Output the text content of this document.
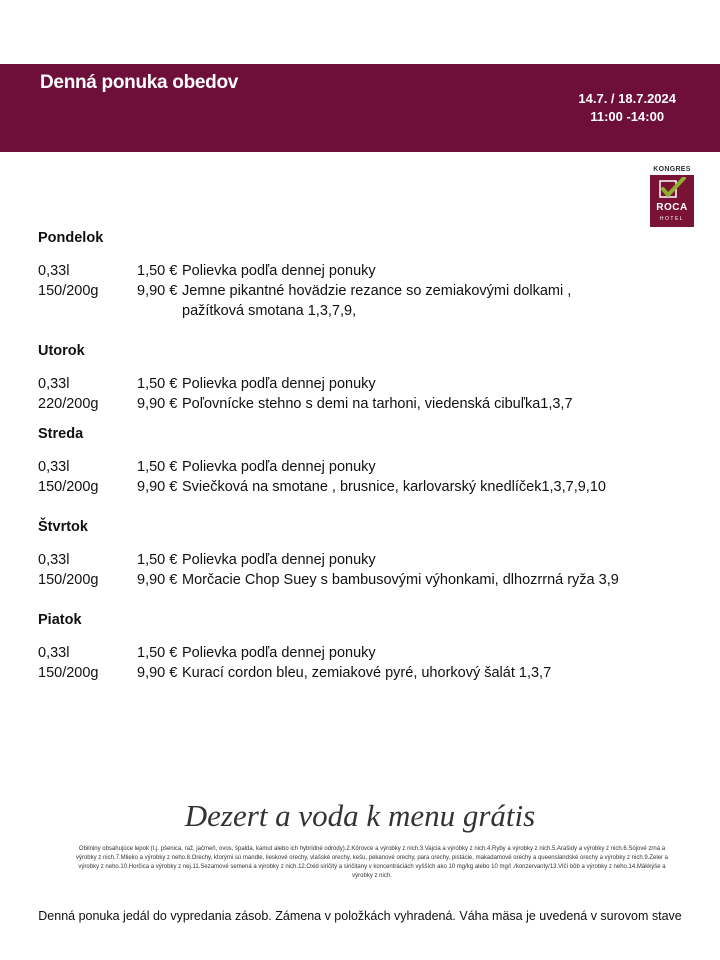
Denná ponuka obedov
14.7. / 18.7.2024
11:00 -14:00
KONGRES
ROCA
HOTEL
Pondelok
0,33l	1,50 € Polievka podľa dennej ponuky
150/200g	9,90 € Jemne pikantné hovädzie rezance so zemiakovými dolkami ,
pažítková smotana 1,3,7,9,
Utorok
0,33l	1,50 € Polievka podľa dennej ponuky
220/200g	9,90 € Poľovnícke stehno s demi na tarhoni, viedenská cibuľka1,3,7
Streda
0,33l	1,50 € Polievka podľa dennej ponuky
150/200g	9,90 € Sviečková na smotane , brusnice, karlovarský knedlíček1,3,7,9,10
Štvrtok
0,33l	1,50 € Polievka podľa dennej ponuky
150/200g	9,90 € Morčacie Chop Suey s bambusovými výhonkami, dlhozrrná ryža 3,9
Piatok
0,33l	1,50 € Polievka podľa dennej ponuky
150/200g	9,90 € Kurací cordon bleu, zemiakové pyré, uhorkový šalát 1,3,7
Dezert a voda k menu grátis
Obilniny obsahujúce lepok (t.j. pšenica, raž, jačmeň, ovos, špalda, kamut alebo ich hybridné odrody).2.Kôrovce a výrobky z nich.3.Vajcia a výrobky z nich.4.Ryby a výrobky z nich.5.Arašidy a výrobky z nich.6.Sójové zrná a výrobky z nich.7.Mlieko a výrobky z neho.8.Orechy, ktorými sú mandle, lieskové orechy, vlašské orechy, kešu, pekanové orechy, para orechy, pistácie, makadamové orechy a queenslandské orechy a výrobky z nich.9.Zeler a výrobky z neho.10.Horčica a výrobky z nej.11.Sezamové semená a výrobky z nich.12.Oxid siričitý a siričitany v koncentráciách vyšších ako 10 mg/kg alebo 10 mg/l ./konzervanty/13.Vlčí bôb a výrobky z neho.14.Mäkkýše a výrobky z nich.
Denná ponuka jedál do vypredania zásob. Zámena v položkách vyhradená. Váha mäsa je uvedená v surovom stave
